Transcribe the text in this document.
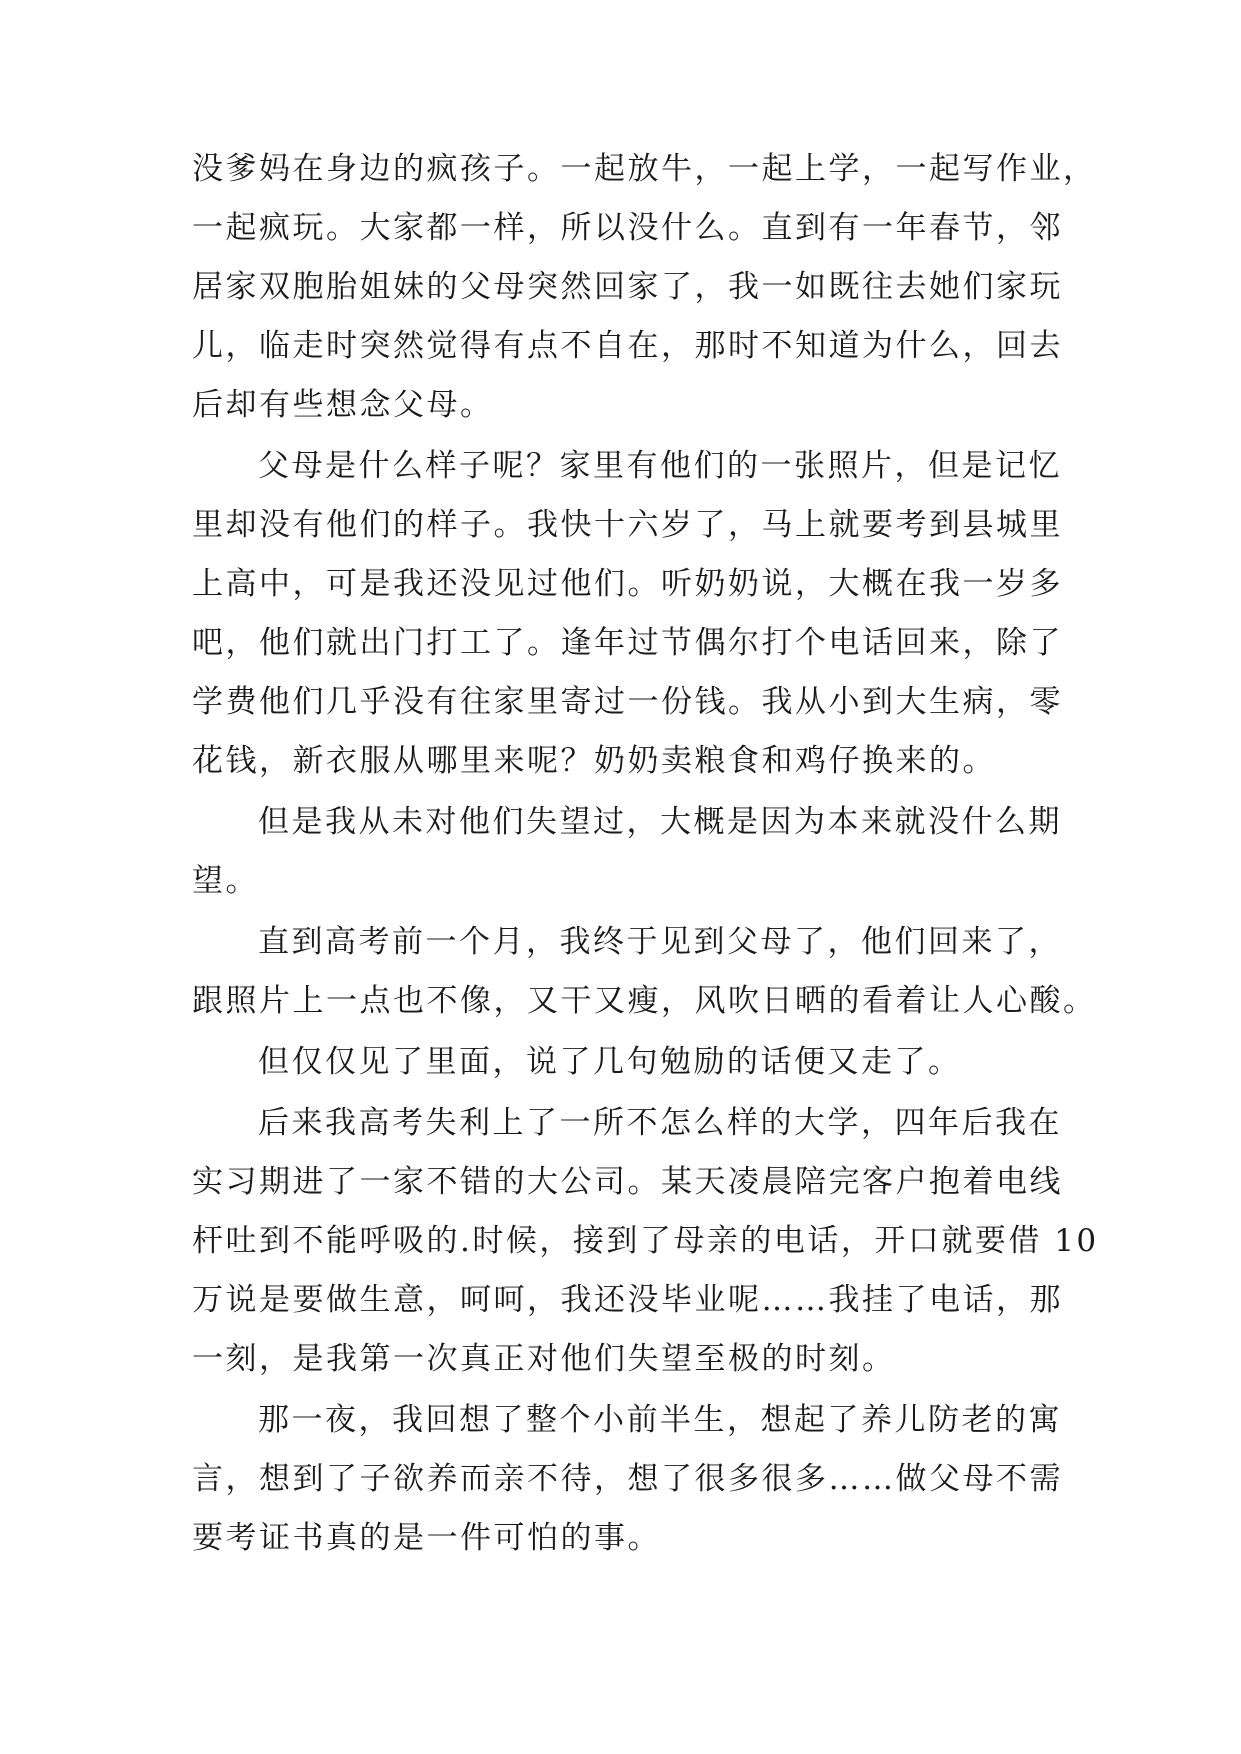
没爹妈在身边的疯孩子。一起放牛，一起上学，一起写作业，
一起疯玩。大家都一样，所以没什么。直到有一年春节，邻
居家双胞胎姐妹的父母突然回家了，我一如既往去她们家玩
儿，临走时突然觉得有点不自在，那时不知道为什么，回去
后却有些想念父母。
父母是什么样子呢？家里有他们的一张照片，但是记忆
里却没有他们的样子。我快十六岁了，马上就要考到县城里
上高中，可是我还没见过他们。听奶奶说，大概在我一岁多
吧，他们就出门打工了。逢年过节偶尔打个电话回来，除了
学费他们几乎没有往家里寄过一份钱。我从小到大生病，零
花钱，新衣服从哪里来呢？奶奶卖粮食和鸡仔换来的。
但是我从未对他们失望过，大概是因为本来就没什么期
望。
直到高考前一个月，我终于见到父母了，他们回来了，
跟照片上一点也不像，又干又瘦，风吹日晒的看着让人心酸。
但仅仅见了里面，说了几句勉励的话便又走了。
后来我高考失利上了一所不怎么样的大学，四年后我在
实习期进了一家不错的大公司。某天凌晨陪完客户抱着电线
杆吐到不能呼吸的.时候，接到了母亲的电话，开口就要借 10
万说是要做生意，呵呵，我还没毕业呢……我挂了电话，那
一刻，是我第一次真正对他们失望至极的时刻。
那一夜，我回想了整个小前半生，想起了养儿防老的寓
言，想到了子欲养而亲不待，想了很多很多……做父母不需
要考证书真的是一件可怕的事。
